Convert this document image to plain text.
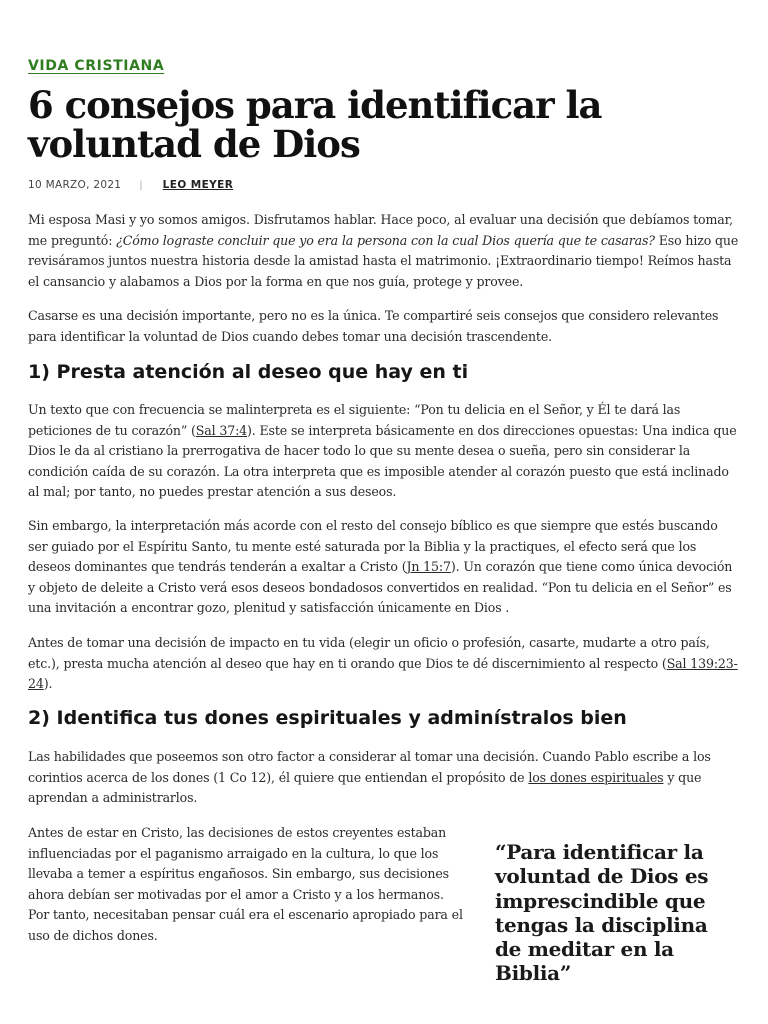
VIDA CRISTIANA
6 consejos para identificar la voluntad de Dios
10 MARZO, 2021 | LEO MEYER

Mi esposa Masi y yo somos amigos. Disfrutamos hablar. Hace poco, al evaluar una decisión que debíamos tomar, me preguntó: ¿Cómo lograste concluir que yo era la persona con la cual Dios quería que te casaras? Eso hizo que revisáramos juntos nuestra historia desde la amistad hasta el matrimonio. ¡Extraordinario tiempo! Reímos hasta el cansancio y alabamos a Dios por la forma en que nos guía, protege y provee.

Casarse es una decisión importante, pero no es la única. Te compartiré seis consejos que considero relevantes para identificar la voluntad de Dios cuando debes tomar una decisión trascendente.

1) Presta atención al deseo que hay en ti

Un texto que con frecuencia se malinterpreta es el siguiente: “Pon tu delicia en el Señor, y Él te dará las peticiones de tu corazón” (Sal 37:4). Este se interpreta básicamente en dos direcciones opuestas: Una indica que Dios le da al cristiano la prerrogativa de hacer todo lo que su mente desea o sueña, pero sin considerar la condición caída de su corazón. La otra interpreta que es imposible atender al corazón puesto que está inclinado al mal; por tanto, no puedes prestar atención a sus deseos.

Sin embargo, la interpretación más acorde con el resto del consejo bíblico es que siempre que estés buscando ser guiado por el Espíritu Santo, tu mente esté saturada por la Biblia y la practiques, el efecto será que los deseos dominantes que tendrás tenderán a exaltar a Cristo (Jn 15:7). Un corazón que tiene como única devoción y objeto de deleite a Cristo verá esos deseos bondadosos convertidos en realidad. “Pon tu delicia en el Señor” es una invitación a encontrar gozo, plenitud y satisfacción únicamente en Dios .

Antes de tomar una decisión de impacto en tu vida (elegir un oficio o profesión, casarte, mudarte a otro país, etc.), presta mucha atención al deseo que hay en ti orando que Dios te dé discernimiento al respecto (Sal 139:23-24).

2) Identifica tus dones espirituales y adminístralos bien

Las habilidades que poseemos son otro factor a considerar al tomar una decisión. Cuando Pablo escribe a los corintios acerca de los dones (1 Co 12), él quiere que entiendan el propósito de los dones espirituales y que aprendan a administrarlos.

Antes de estar en Cristo, las decisiones de estos creyentes estaban influenciadas por el paganismo arraigado en la cultura, lo que los llevaba a temer a espíritus engañosos. Sin embargo, sus decisiones ahora debían ser motivadas por el amor a Cristo y a los hermanos. Por tanto, necesitaban pensar cuál era el escenario apropiado para el uso de dichos dones.

“Para identificar la voluntad de Dios es imprescindible que tengas la disciplina de meditar en la Biblia”
